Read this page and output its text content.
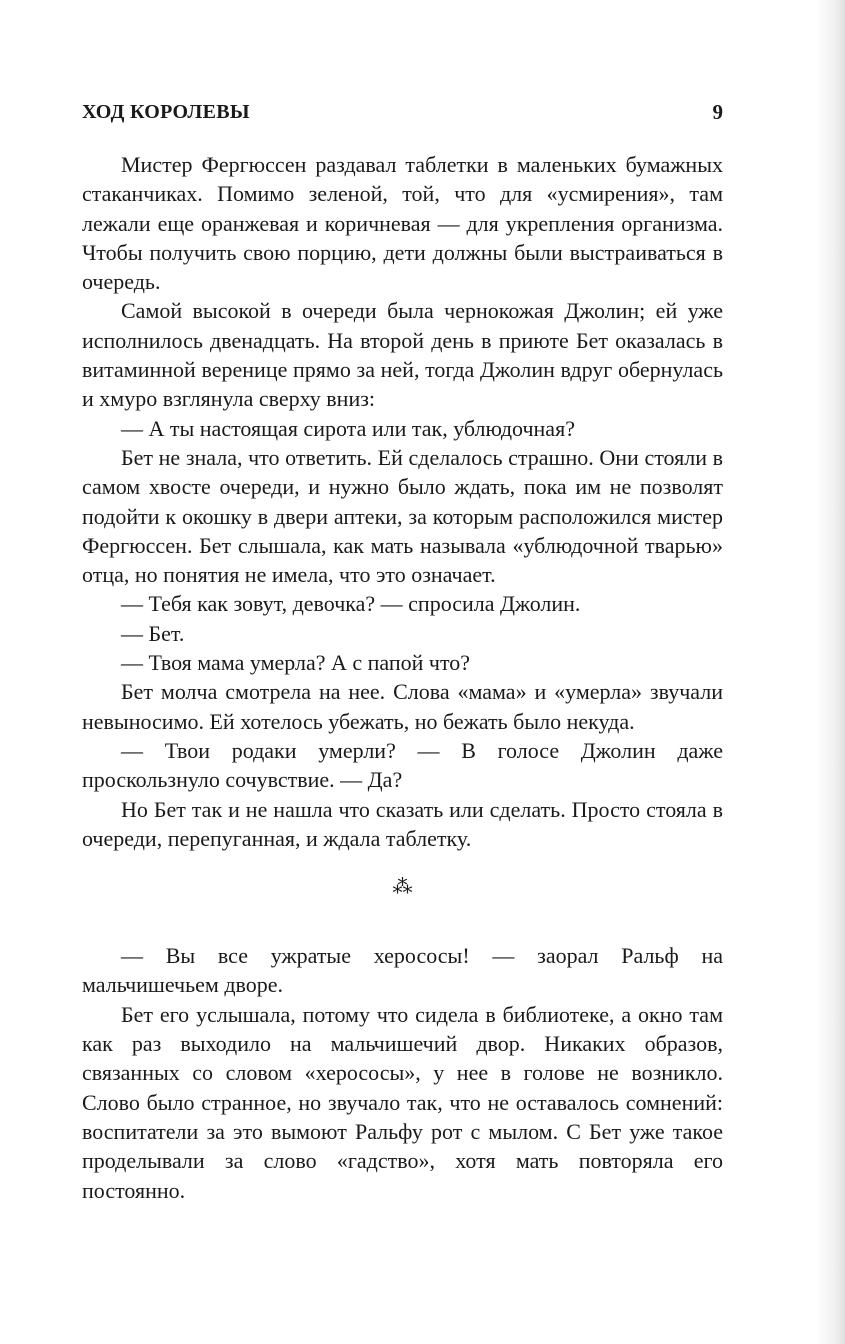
ХОД КОРОЛЕВЫ	9

Мистер Фергюссен раздавал таблетки в маленьких бумажных стаканчиках. Помимо зеленой, той, что для «усмирения», там лежали еще оранжевая и коричневая — для укрепления организма. Чтобы получить свою порцию, дети должны были выстраиваться в очередь.

Самой высокой в очереди была чернокожая Джолин; ей уже исполнилось двенадцать. На второй день в приюте Бет оказалась в витаминной веренице прямо за ней, тогда Джолин вдруг обернулась и хмуро взглянула сверху вниз:

— А ты настоящая сирота или так, ублюдочная?

Бет не знала, что ответить. Ей сделалось страшно. Они стояли в самом хвосте очереди, и нужно было ждать, пока им не позволят подойти к окошку в двери аптеки, за которым расположился мистер Фергюссен. Бет слышала, как мать называла «ублюдочной тварью» отца, но понятия не имела, что это означает.

— Тебя как зовут, девочка? — спросила Джолин.

— Бет.

— Твоя мама умерла? А с папой что?

Бет молча смотрела на нее. Слова «мама» и «умерла» звучали невыносимо. Ей хотелось убежать, но бежать было некуда.

— Твои родаки умерли? — В голосе Джолин даже проскользнуло сочувствие. — Да?

Но Бет так и не нашла что сказать или сделать. Просто стояла в очереди, перепуганная, и ждала таблетку.

⁂

— Вы все ужратые херососы! — заорал Ральф на мальчишечьем дворе.

Бет его услышала, потому что сидела в библиотеке, а окно там как раз выходило на мальчишечий двор. Никаких образов, связанных со словом «херососы», у нее в голове не возникло. Слово было странное, но звучало так, что не оставалось сомнений: воспитатели за это вымоют Ральфу рот с мылом. С Бет уже такое проделывали за слово «гадство», хотя мать повторяла его постоянно.
